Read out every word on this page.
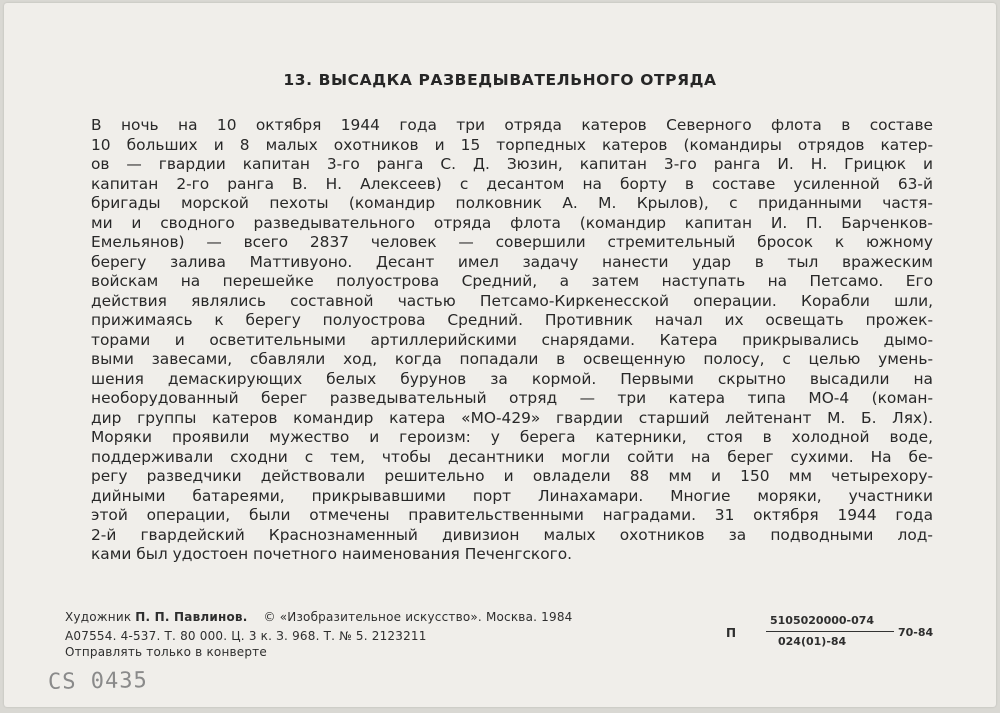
13. ВЫСАДКА РАЗВЕДЫВАТЕЛЬНОГО ОТРЯДА
В ночь на 10 октября 1944 года три отряда катеров Северного флота в составе
10 больших и 8 малых охотников и 15 торпедных катеров (командиры отрядов катер-
ов — гвардии капитан 3-го ранга С. Д. Зюзин, капитан 3-го ранга И. Н. Грицюк и
капитан 2-го ранга В. Н. Алексеев) с десантом на борту в составе усиленной 63-й
бригады морской пехоты (командир полковник А. М. Крылов), с приданными частя-
ми и сводного разведывательного отряда флота (командир капитан И. П. Барченков-
Емельянов) — всего 2837 человек — совершили стремительный бросок к южному
берегу залива Маттивуоно. Десант имел задачу нанести удар в тыл вражеским
войскам на перешейке полуострова Средний, а затем наступать на Петсамо. Его
действия являлись составной частью Петсамо-Киркенесской операции. Корабли шли,
прижимаясь к берегу полуострова Средний. Противник начал их освещать прожек-
торами и осветительными артиллерийскими снарядами. Катера прикрывались дымо-
выми завесами, сбавляли ход, когда попадали в освещенную полосу, с целью умень-
шения демаскирующих белых бурунов за кормой. Первыми скрытно высадили на
необорудованный берег разведывательный отряд — три катера типа МО-4 (коман-
дир группы катеров командир катера «МО-429» гвардии старший лейтенант М. Б. Лях).
Моряки проявили мужество и героизм: у берега катерники, стоя в холодной воде,
поддерживали сходни с тем, чтобы десантники могли сойти на берег сухими. На бе-
регу разведчики действовали решительно и овладели 88 мм и 150 мм четырехору-
дийными батареями, прикрывавшими порт Линахамари. Многие моряки, участники
этой операции, были отмечены правительственными наградами. 31 октября 1944 года
2-й гвардейский Краснознаменный дивизион малых охотников за подводными лод-
ками был удостоен почетного наименования Печенгского.
Художник П. П. Павлинов. © «Изобразительное искусство». Москва. 1984
А07554. 4-537. Т. 80 000. Ц. 3 к. З. 968. Т. № 5. 2123211
Отправлять только в конверте
П
5105020000-074
024(01)-84
70-84
CS 0435
